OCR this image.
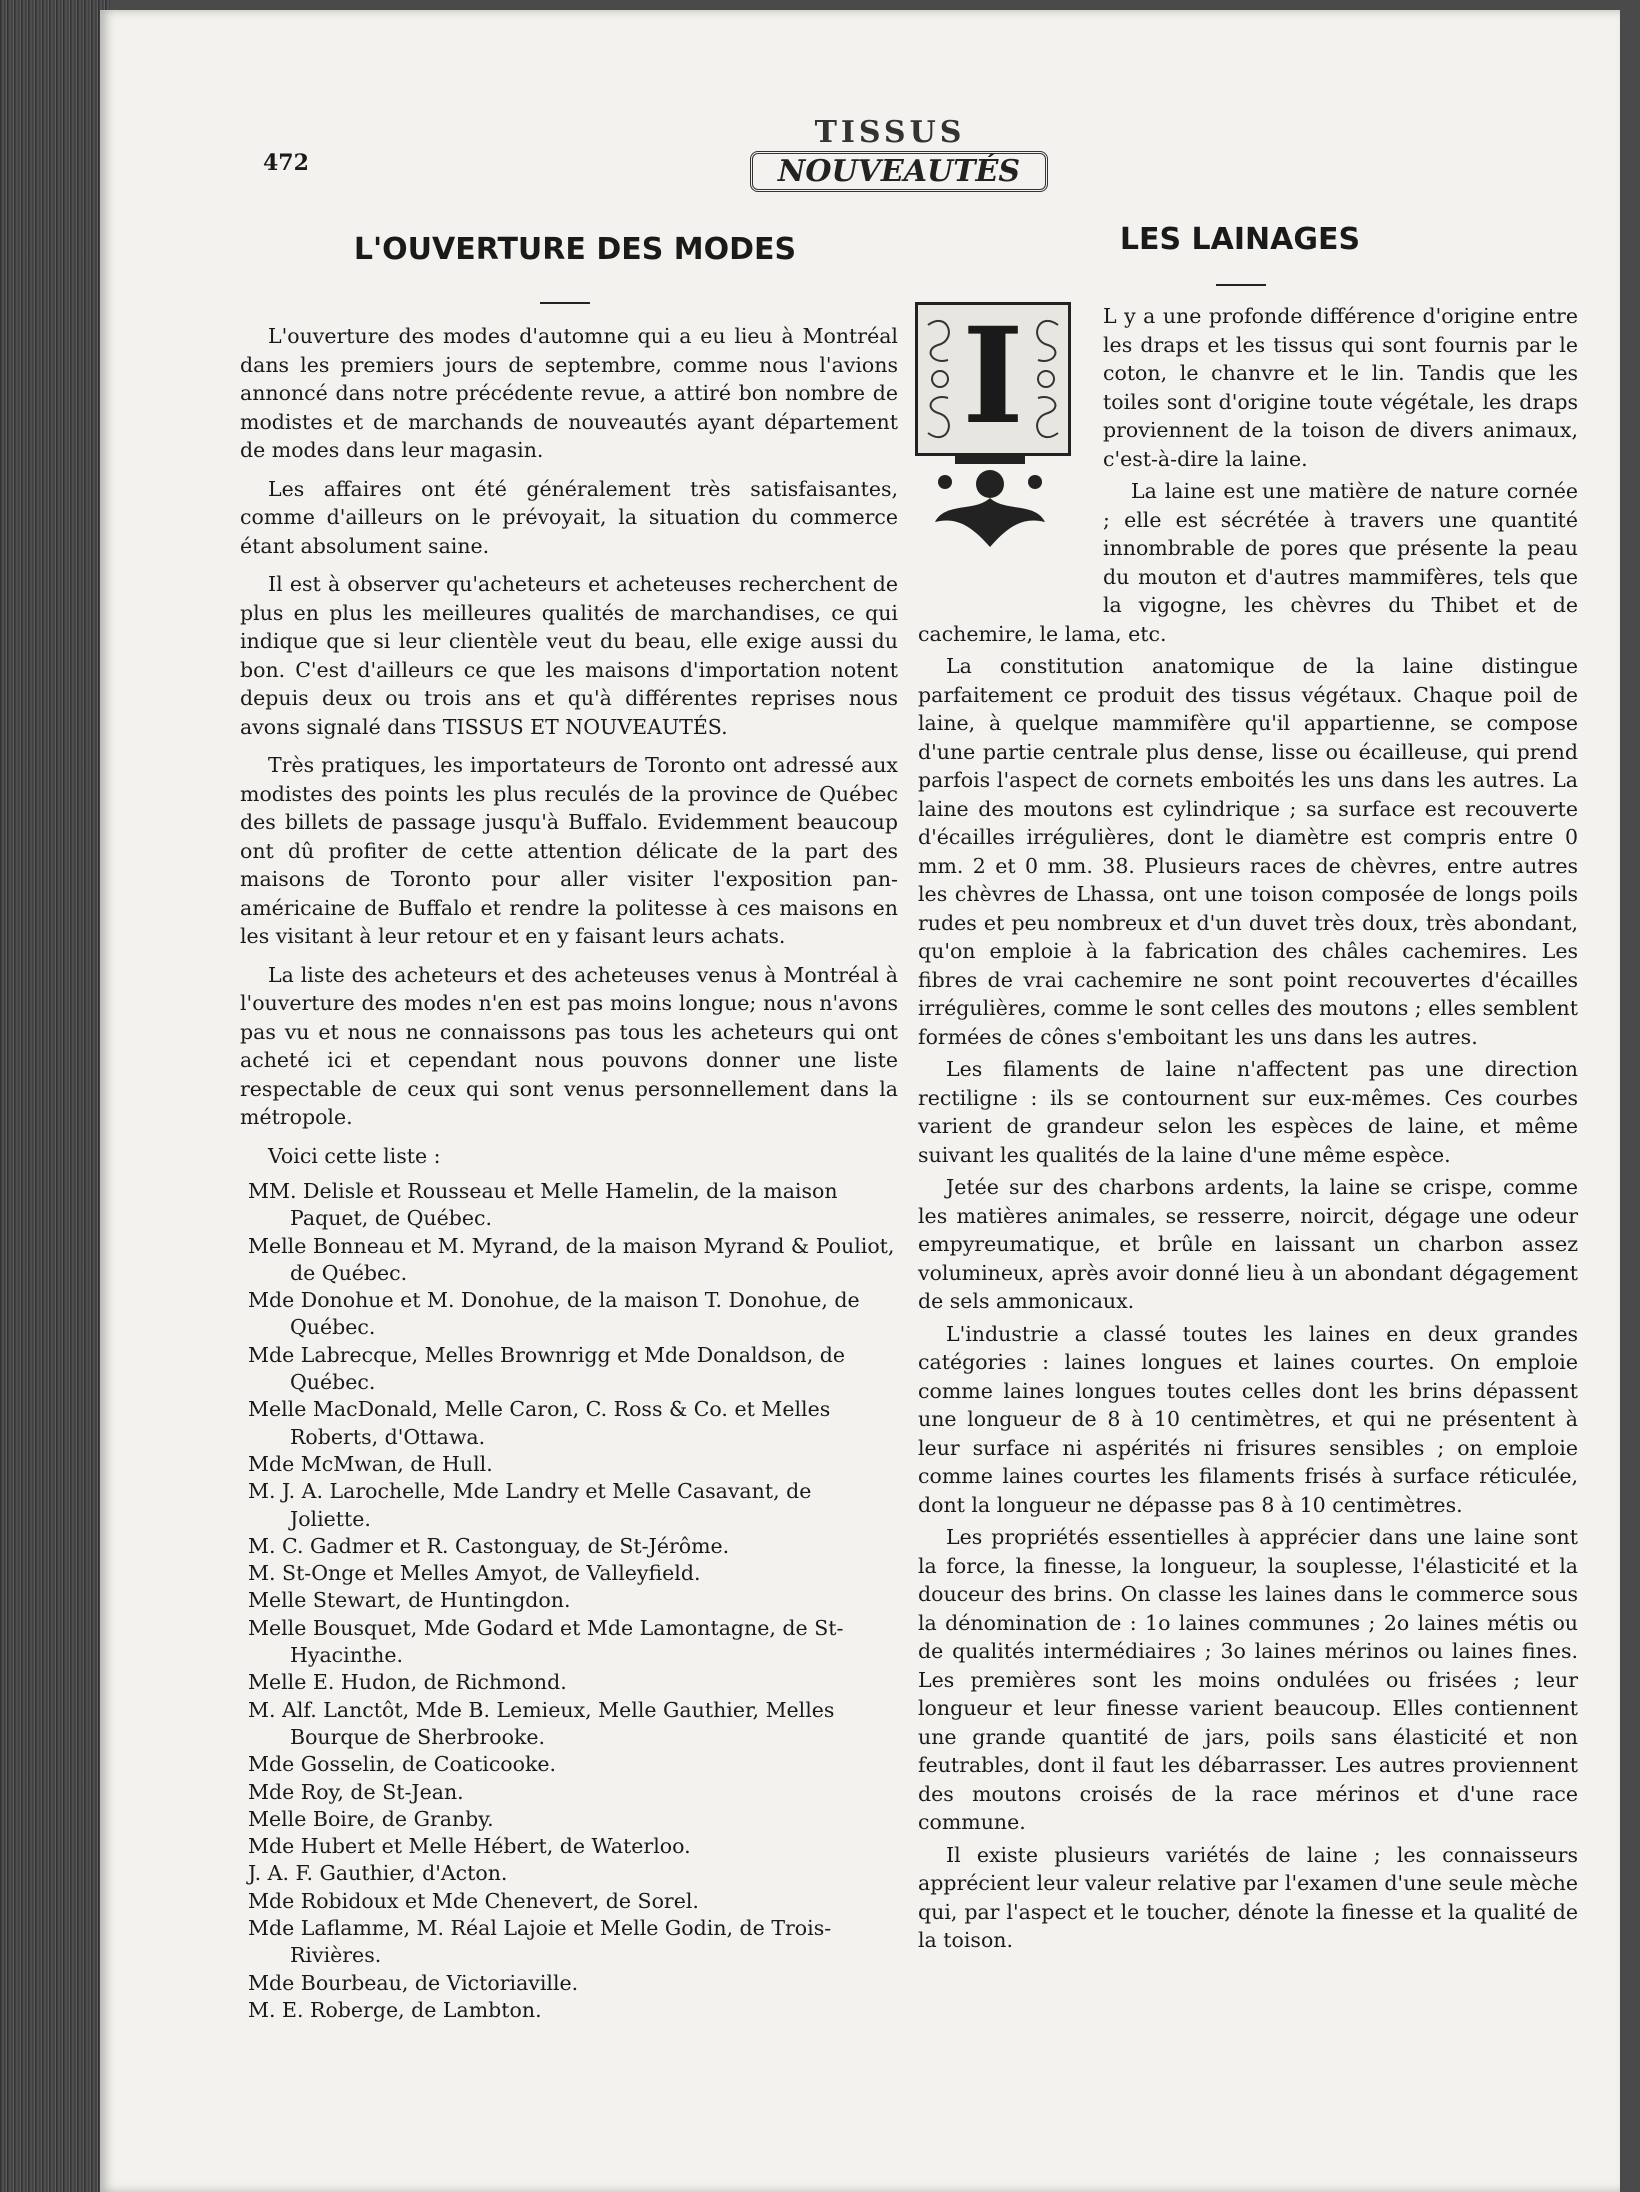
472
TISSUS
NOUVEAUTÉS
L'OUVERTURE DES MODES

L'ouverture des modes d'automne qui a eu lieu à Montréal dans les premiers jours de septembre, comme nous l'avions annoncé dans notre précédente revue, a attiré bon nombre de modistes et de marchands de nouveautés ayant département de modes dans leur magasin.

Les affaires ont été généralement très satisfaisantes, comme d'ailleurs on le prévoyait, la situation du commerce étant absolument saine.

Il est à observer qu'acheteurs et acheteuses recherchent de plus en plus les meilleures qualités de marchandises, ce qui indique que si leur clientèle veut du beau, elle exige aussi du bon. C'est d'ailleurs ce que les maisons d'importation notent depuis deux ou trois ans et qu'à différentes reprises nous avons signalé dans TISSUS ET NOUVEAUTÉS.

Très pratiques, les importateurs de Toronto ont adressé aux modistes des points les plus reculés de la province de Québec des billets de passage jusqu'à Buffalo. Evidemment beaucoup ont dû profiter de cette attention délicate de la part des maisons de Toronto pour aller visiter l'exposition pan-américaine de Buffalo et rendre la politesse à ces maisons en les visitant à leur retour et en y faisant leurs achats.

La liste des acheteurs et des acheteuses venus à Montréal à l'ouverture des modes n'en est pas moins longue; nous n'avons pas vu et nous ne connaissons pas tous les acheteurs qui ont acheté ici et cependant nous pouvons donner une liste respectable de ceux qui sont venus personnellement dans la métropole.

Voici cette liste :

MM. Delisle et Rousseau et Melle Hamelin, de la maison Paquet, de Québec.
Melle Bonneau et M. Myrand, de la maison Myrand & Pouliot, de Québec.
Mde Donohue et M. Donohue, de la maison T. Donohue, de Québec.
Mde Labrecque, Melles Brownrigg et Mde Donaldson, de Québec.
Melle MacDonald, Melle Caron, C. Ross & Co. et Melles Roberts, d'Ottawa.
Mde McMwan, de Hull.
M. J. A. Larochelle, Mde Landry et Melle Casavant, de Joliette.
M. C. Gadmer et R. Castonguay, de St-Jérôme.
M. St-Onge et Melles Amyot, de Valleyfield.
Melle Stewart, de Huntingdon.
Melle Bousquet, Mde Godard et Mde Lamontagne, de St-Hyacinthe.
Melle E. Hudon, de Richmond.
M. Alf. Lanctôt, Mde B. Lemieux, Melle Gauthier, Melles Bourque de Sherbrooke.
Mde Gosselin, de Coaticooke.
Mde Roy, de St-Jean.
Melle Boire, de Granby.
Mde Hubert et Melle Hébert, de Waterloo.
J. A. F. Gauthier, d'Acton.
Mde Robidoux et Mde Chenevert, de Sorel.
Mde Laflamme, M. Réal Lajoie et Melle Godin, de Trois-Rivières.
Mde Bourbeau, de Victoriaville.
M. E. Roberge, de Lambton.
LES LAINAGES

L y a une profonde différence d'origine entre les draps et les tissus qui sont fournis par le coton, le chanvre et le lin. Tandis que les toiles sont d'origine toute végétale, les draps proviennent de la toison de divers animaux, c'est-à-dire la laine.

La laine est une matière de nature cornée ; elle est sécrétée à travers une quantité innombrable de pores que présente la peau du mouton et d'autres mammifères, tels que la vigogne, les chèvres du Thibet et de cachemire, le lama, etc.

La constitution anatomique de la laine distingue parfaitement ce produit des tissus végétaux. Chaque poil de laine, à quelque mammifère qu'il appartienne, se compose d'une partie centrale plus dense, lisse ou écailleuse, qui prend parfois l'aspect de cornets emboités les uns dans les autres. La laine des moutons est cylindrique ; sa surface est recouverte d'écailles irrégulières, dont le diamètre est compris entre 0 mm. 2 et 0 mm. 38. Plusieurs races de chèvres, entre autres les chèvres de Lhassa, ont une toison composée de longs poils rudes et peu nombreux et d'un duvet très doux, très abondant, qu'on emploie à la fabrication des châles cachemires. Les fibres de vrai cachemire ne sont point recouvertes d'écailles irrégulières, comme le sont celles des moutons ; elles semblent formées de cônes s'emboitant les uns dans les autres.

Les filaments de laine n'affectent pas une direction rectiligne : ils se contournent sur eux-mêmes. Ces courbes varient de grandeur selon les espèces de laine, et même suivant les qualités de la laine d'une même espèce.

Jetée sur des charbons ardents, la laine se crispe, comme les matières animales, se resserre, noircit, dégage une odeur empyreumatique, et brûle en laissant un charbon assez volumineux, après avoir donné lieu à un abondant dégagement de sels ammonicaux.

L'industrie a classé toutes les laines en deux grandes catégories : laines longues et laines courtes. On emploie comme laines longues toutes celles dont les brins dépassent une longueur de 8 à 10 centimètres, et qui ne présentent à leur surface ni aspérités ni frisures sensibles ; on emploie comme laines courtes les filaments frisés à surface réticulée, dont la longueur ne dépasse pas 8 à 10 centimètres.

Les propriétés essentielles à apprécier dans une laine sont la force, la finesse, la longueur, la souplesse, l'élasticité et la douceur des brins. On classe les laines dans le commerce sous la dénomination de : 1o laines communes ; 2o laines métis ou de qualités intermédiaires ; 3o laines mérinos ou laines fines. Les premières sont les moins ondulées ou frisées ; leur longueur et leur finesse varient beaucoup. Elles contiennent une grande quantité de jars, poils sans élasticité et non feutrables, dont il faut les débarrasser. Les autres proviennent des moutons croisés de la race mérinos et d'une race commune.

Il existe plusieurs variétés de laine ; les connaisseurs apprécient leur valeur relative par l'examen d'une seule mèche qui, par l'aspect et le toucher, dénote la finesse et la qualité de la toison.

I
